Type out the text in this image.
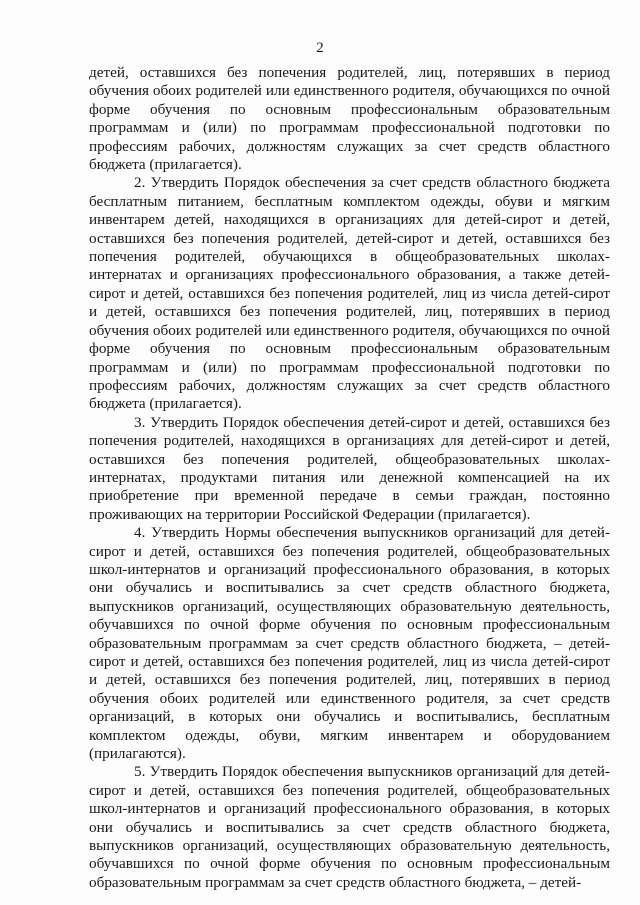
2

детей, оставшихся без попечения родителей, лиц, потерявших в период обучения обоих родителей или единственного родителя, обучающихся по очной форме обучения по основным профессиональным образовательным программам и (или) по программам профессиональной подготовки по профессиям рабочих, должностям служащих за счет средств областного бюджета (прилагается).

2. Утвердить Порядок обеспечения за счет средств областного бюджета бесплатным питанием, бесплатным комплектом одежды, обуви и мягким инвентарем детей, находящихся в организациях для детей-сирот и детей, оставшихся без попечения родителей, детей-сирот и детей, оставшихся без попечения родителей, обучающихся в общеобразовательных школах-интернатах и организациях профессионального образования, а также детей-сирот и детей, оставшихся без попечения родителей, лиц из числа детей-сирот и детей, оставшихся без попечения родителей, лиц, потерявших в период обучения обоих родителей или единственного родителя, обучающихся по очной форме обучения по основным профессиональным образовательным программам и (или) по программам профессиональной подготовки по профессиям рабочих, должностям служащих за счет средств областного бюджета (прилагается).

3. Утвердить Порядок обеспечения детей-сирот и детей, оставшихся без попечения родителей, находящихся в организациях для детей-сирот и детей, оставшихся без попечения родителей, общеобразовательных школах-интернатах, продуктами питания или денежной компенсацией на их приобретение при временной передаче в семьи граждан, постоянно проживающих на территории Российской Федерации (прилагается).

4. Утвердить Нормы обеспечения выпускников организаций для детей-сирот и детей, оставшихся без попечения родителей, общеобразовательных школ-интернатов и организаций профессионального образования, в которых они обучались и воспитывались за счет средств областного бюджета, выпускников организаций, осуществляющих образовательную деятельность, обучавшихся по очной форме обучения по основным профессиональным образовательным программам за счет средств областного бюджета, – детей-сирот и детей, оставшихся без попечения родителей, лиц из числа детей-сирот и детей, оставшихся без попечения родителей, лиц, потерявших в период обучения обоих родителей или единственного родителя, за счет средств организаций, в которых они обучались и воспитывались, бесплатным комплектом одежды, обуви, мягким инвентарем и оборудованием (прилагаются).

5. Утвердить Порядок обеспечения выпускников организаций для детей-сирот и детей, оставшихся без попечения родителей, общеобразовательных школ-интернатов и организаций профессионального образования, в которых они обучались и воспитывались за счет средств областного бюджета, выпускников организаций, осуществляющих образовательную деятельность, обучавшихся по очной форме обучения по основным профессиональным образовательным программам за счет средств областного бюджета, – детей-
